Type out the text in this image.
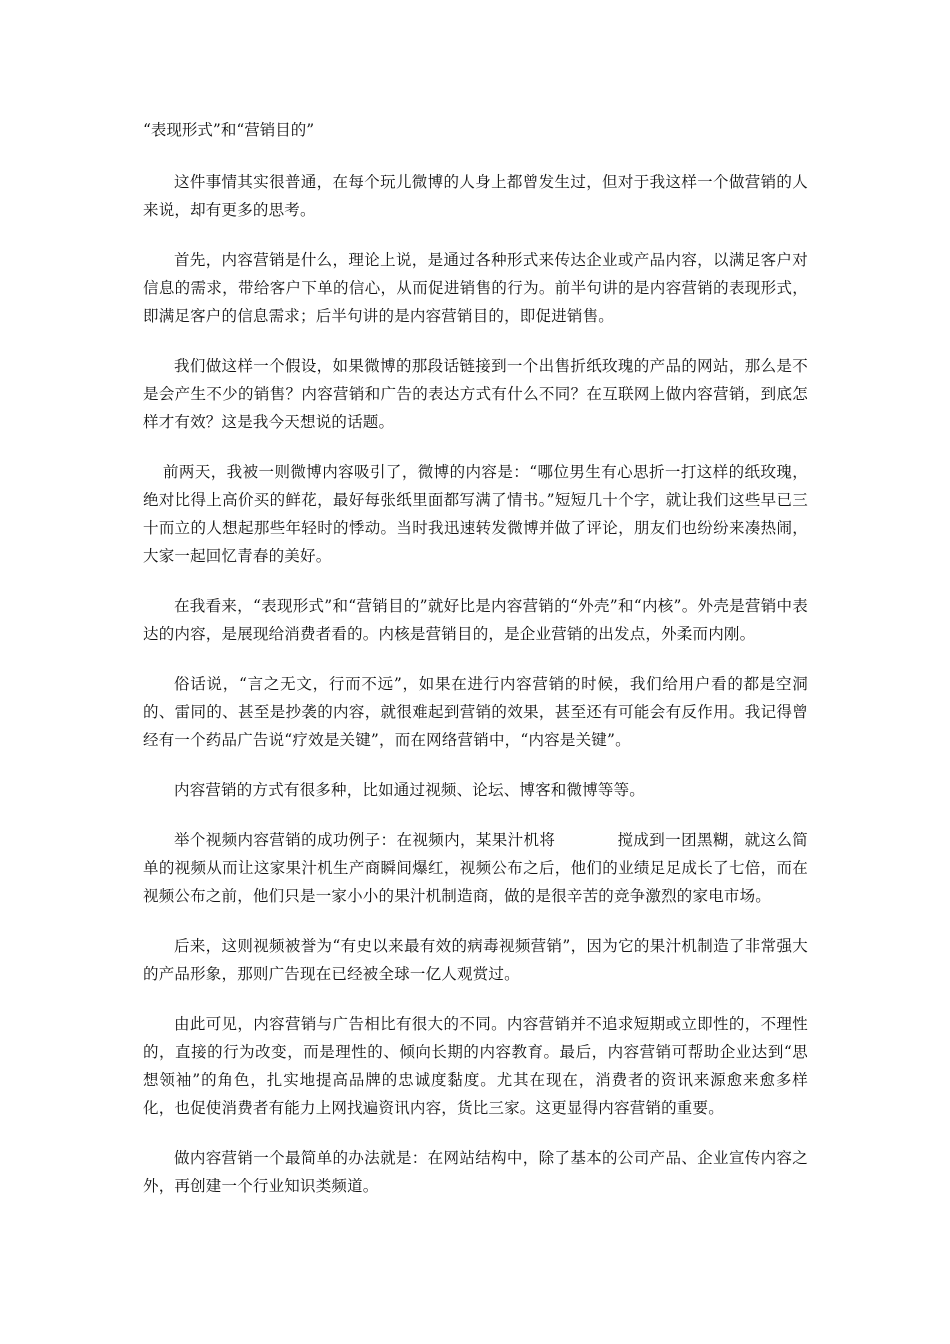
“表现形式”和“营销目的”

这件事情其实很普通，在每个玩儿微博的人身上都曾发生过，但对于我这样一个做营销的人来说，却有更多的思考。

首先，内容营销是什么，理论上说，是通过各种形式来传达企业或产品内容，以满足客户对信息的需求，带给客户下单的信心，从而促进销售的行为。前半句讲的是内容营销的表现形式，即满足客户的信息需求；后半句讲的是内容营销目的，即促进销售。

我们做这样一个假设，如果微博的那段话链接到一个出售折纸玫瑰的产品的网站，那么是不是会产生不少的销售？内容营销和广告的表达方式有什么不同？在互联网上做内容营销，到底怎样才有效？这是我今天想说的话题。

前两天，我被一则微博内容吸引了，微博的内容是：“哪位男生有心思折一打这样的纸玫瑰，绝对比得上高价买的鲜花，最好每张纸里面都写满了情书。”短短几十个字，就让我们这些早已三十而立的人想起那些年轻时的悸动。当时我迅速转发微博并做了评论，朋友们也纷纷来凑热闹，大家一起回忆青春的美好。

在我看来，“表现形式”和“营销目的”就好比是内容营销的“外壳”和“内核”。外壳是营销中表达的内容，是展现给消费者看的。内核是营销目的，是企业营销的出发点，外柔而内刚。

俗话说，“言之无文，行而不远”，如果在进行内容营销的时候，我们给用户看的都是空洞的、雷同的、甚至是抄袭的内容，就很难起到营销的效果，甚至还有可能会有反作用。我记得曾经有一个药品广告说“疗效是关键”，而在网络营销中，“内容是关键”。

内容营销的方式有很多种，比如通过视频、论坛、博客和微博等等。

举个视频内容营销的成功例子：在视频内，某果汁机将	搅成到一团黑糊，就这么简单的视频从而让这家果汁机生产商瞬间爆红，视频公布之后，他们的业绩足足成长了七倍，而在视频公布之前，他们只是一家小小的果汁机制造商，做的是很辛苦的竞争激烈的家电市场。

后来，这则视频被誉为“有史以来最有效的病毒视频营销”，因为它的果汁机制造了非常强大的产品形象，那则广告现在已经被全球一亿人观赏过。

由此可见，内容营销与广告相比有很大的不同。内容营销并不追求短期或立即性的，不理性的，直接的行为改变，而是理性的、倾向长期的内容教育。最后，内容营销可帮助企业达到“思想领袖”的角色，扎实地提高品牌的忠诚度黏度。尤其在现在，消费者的资讯来源愈来愈多样化，也促使消费者有能力上网找遍资讯内容，货比三家。这更显得内容营销的重要。

做内容营销一个最简单的办法就是：在网站结构中，除了基本的公司产品、企业宣传内容之外，再创建一个行业知识类频道。
